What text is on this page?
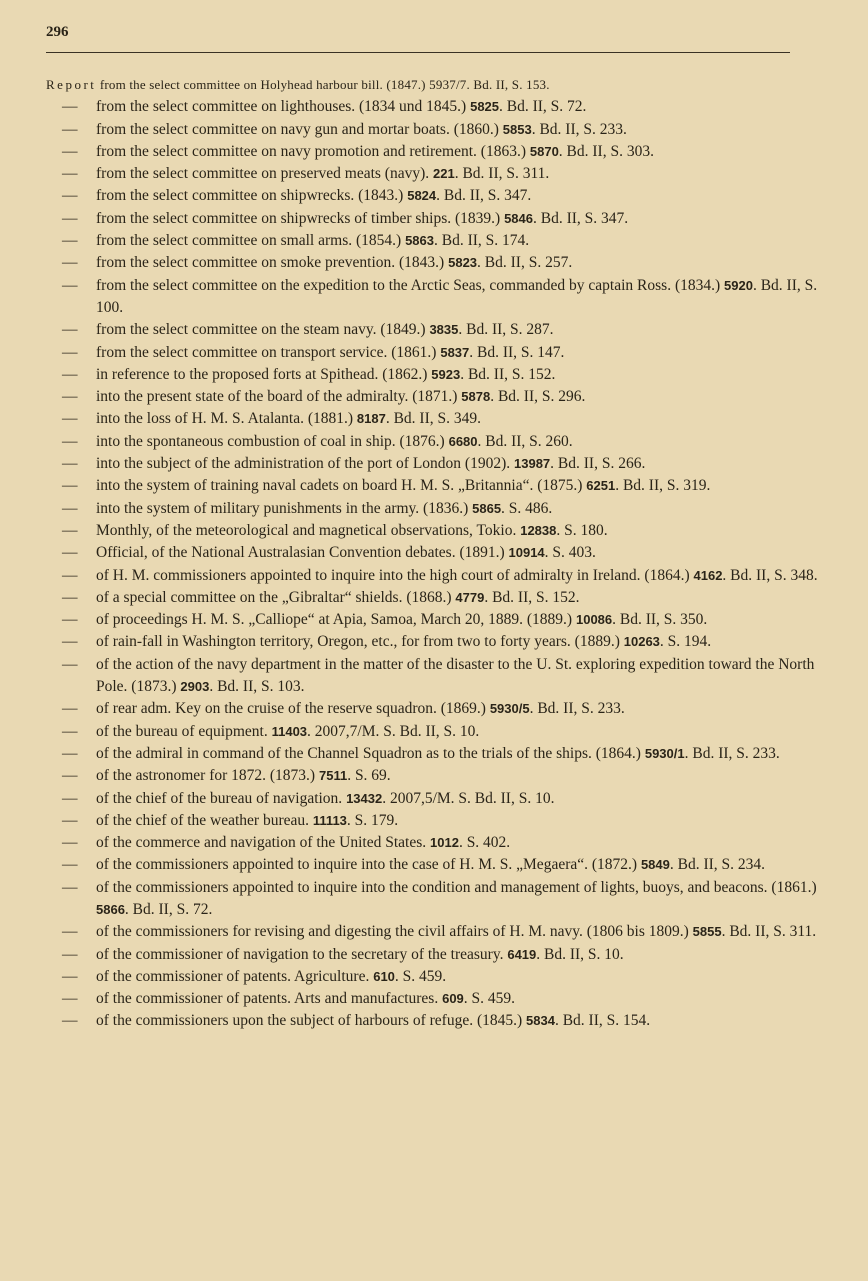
296
Report from the select committee on Holyhead harbour bill. (1847.) 5937/7. Bd. II, S. 153.
— from the select committee on lighthouses. (1834 und 1845.) 5825. Bd. II, S. 72.
— from the select committee on navy gun and mortar boats. (1860.) 5853. Bd. II, S. 233.
— from the select committee on navy promotion and retirement. (1863.) 5870. Bd. II, S. 303.
— from the select committee on preserved meats (navy). 221. Bd. II, S. 311.
— from the select committee on shipwrecks. (1843.) 5824. Bd. II, S. 347.
— from the select committee on shipwrecks of timber ships. (1839.) 5846. Bd. II, S. 347.
— from the select committee on small arms. (1854.) 5863. Bd. II, S. 174.
— from the select committee on smoke prevention. (1843.) 5823. Bd. II, S. 257.
— from the select committee on the expedition to the Arctic Seas, commanded by captain Ross. (1834.) 5920. Bd. II, S. 100.
— from the select committee on the steam navy. (1849.) 3835. Bd. II, S. 287.
— from the select committee on transport service. (1861.) 5837. Bd. II, S. 147.
— in reference to the proposed forts at Spithead. (1862.) 5923. Bd. II, S. 152.
— into the present state of the board of the admiralty. (1871.) 5878. Bd. II, S. 296.
— into the loss of H. M. S. Atalanta. (1881.) 8187. Bd. II, S. 349.
— into the spontaneous combustion of coal in ship. (1876.) 6680. Bd. II, S. 260.
— into the subject of the administration of the port of London (1902). 13987. Bd. II, S. 266.
— into the system of training naval cadets on board H. M. S. „Britannia“. (1875.) 6251. Bd. II, S. 319.
— into the system of military punishments in the army. (1836.) 5865. S. 486.
— Monthly, of the meteorological and magnetical observations, Tokio. 12838. S. 180.
— Official, of the National Australasian Convention debates. (1891.) 10914. S. 403.
— of H. M. commissioners appointed to inquire into the high court of admiralty in Ireland. (1864.) 4162. Bd. II, S. 348.
— of a special committee on the „Gibraltar“ shields. (1868.) 4779. Bd. II, S. 152.
— of proceedings H. M. S. „Calliope“ at Apia, Samoa, March 20, 1889. (1889.) 10086. Bd. II, S. 350.
— of rain-fall in Washington territory, Oregon, etc., for from two to forty years. (1889.) 10263. S. 194.
— of the action of the navy department in the matter of the disaster to the U. St. exploring expedition toward the North Pole. (1873.) 2903. Bd. II, S. 103.
— of rear adm. Key on the cruise of the reserve squadron. (1869.) 5930/5. Bd. II, S. 233.
— of the bureau of equipment. 11403. 2007,7/M. S. Bd. II, S. 10.
— of the admiral in command of the Channel Squadron as to the trials of the ships. (1864.) 5930/1. Bd. II, S. 233.
— of the astronomer for 1872. (1873.) 7511. S. 69.
— of the chief of the bureau of navigation. 13432. 2007,5/M. S. Bd. II, S. 10.
— of the chief of the weather bureau. 11113. S. 179.
— of the commerce and navigation of the United States. 1012. S. 402.
— of the commissioners appointed to inquire into the case of H. M. S. „Megaera“. (1872.) 5849. Bd. II, S. 234.
— of the commissioners appointed to inquire into the condition and management of lights, buoys, and beacons. (1861.) 5866. Bd. II, S. 72.
— of the commissioners for revising and digesting the civil affairs of H. M. navy. (1806 bis 1809.) 5855. Bd. II, S. 311.
— of the commissioner of navigation to the secretary of the treasury. 6419. Bd. II, S. 10.
— of the commissioner of patents. Agriculture. 610. S. 459.
— of the commissioner of patents. Arts and manufactures. 609. S. 459.
— of the commissioners upon the subject of harbours of refuge. (1845.) 5834. Bd. II, S. 154.
